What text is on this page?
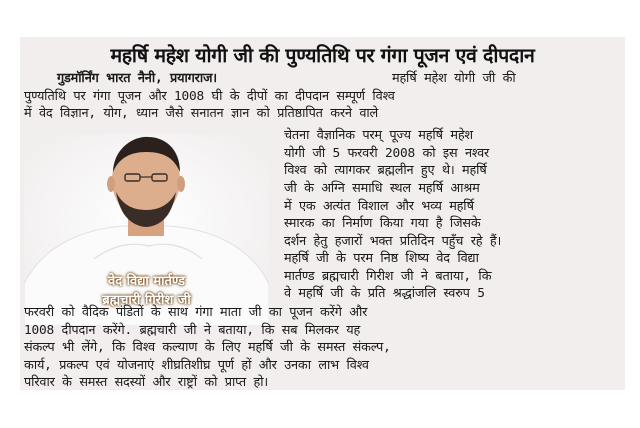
महर्षि महेश योगी जी की पुण्यतिथि पर गंगा पूजन एवं दीपदान
गुडमॉर्निंग भारत नैनी, प्रयागराज।	महर्षि महेश योगी जी की
पुण्यतिथि पर गंगा पूजन और 1008 घी के दीपों का दीपदान सम्पूर्ण विश्व
में वेद विज्ञान, योग, ध्यान जैसे सनातन ज्ञान को प्रतिष्ठापित करने वाले
वेद विद्या मार्तण्ड
ब्रह्मचारी गिरीश जी
चेतना वैज्ञानिक परम् पूज्य महर्षि महेश
योगी जी 5 फरवरी 2008 को इस नश्वर
विश्व को त्यागकर ब्रह्मलीन हुए थे। महर्षि
जी के अग्नि समाधि स्थल महर्षि आश्रम
में एक अत्यंत विशाल और भव्य महर्षि
स्मारक का निर्माण किया गया है जिसके
दर्शन हेतु हजारों भक्त प्रतिदिन पहुँच रहे हैं।
महर्षि जी के परम निष्ठ शिष्य वेद विद्या
मार्तण्ड ब्रह्मचारी गिरीश जी ने बताया, कि
वे महर्षि जी के प्रति श्रद्धांजलि स्वरुप 5
फरवरी को वैदिक पंडितों के साथ गंगा माता जी का पूजन करेंगे और
1008 दीपदान करेंगे. ब्रह्मचारी जी ने बताया, कि सब मिलकर यह
संकल्प भी लेंगे, कि विश्व कल्याण के लिए महर्षि जी के समस्त संकल्प,
कार्य, प्रकल्प एवं योजनाएं शीघ्रतिशीघ्र पूर्ण हों और उनका लाभ विश्व
परिवार के समस्त सदस्यों और राष्ट्रों को प्राप्त हो।
